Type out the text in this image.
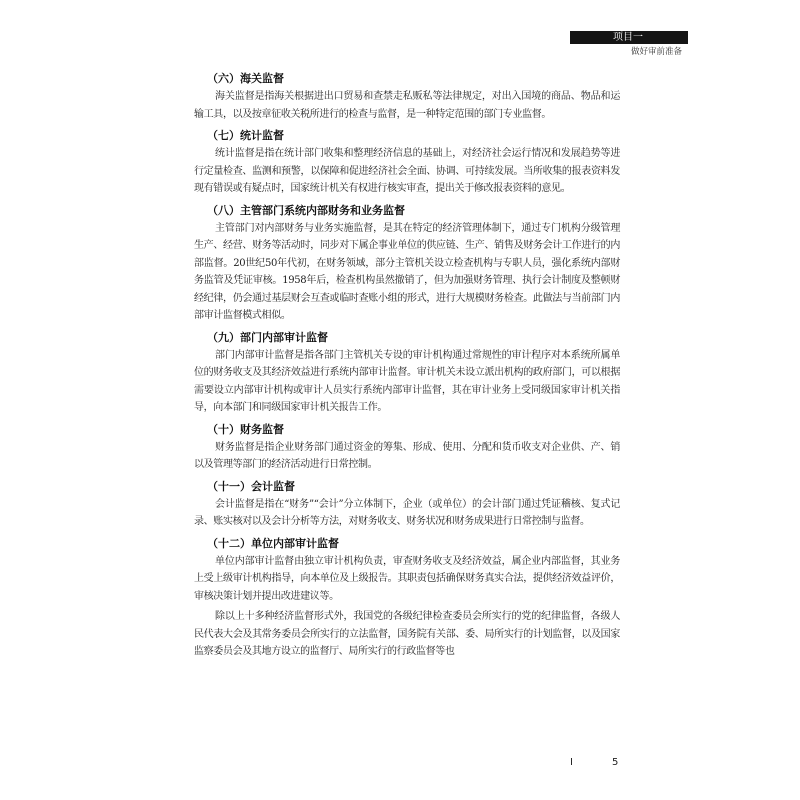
项目一
做好审前准备
（六）海关监督

海关监督是指海关根据进出口贸易和查禁走私贩私等法律规定，对出入国境的商品、物品和运输工具，以及按章征收关税所进行的检查与监督，是一种特定范围的部门专业监督。

（七）统计监督

统计监督是指在统计部门收集和整理经济信息的基础上，对经济社会运行情况和发展趋势等进行定量检查、监测和预警，以保障和促进经济社会全面、协调、可持续发展。当所收集的报表资料发现有错误或有疑点时，国家统计机关有权进行核实审查，提出关于修改报表资料的意见。

（八）主管部门系统内部财务和业务监督

主管部门对内部财务与业务实施监督，是其在特定的经济管理体制下，通过专门机构分级管理生产、经营、财务等活动时，同步对下属企事业单位的供应链、生产、销售及财务会计工作进行的内部监督。20世纪50年代初，在财务领域，部分主管机关设立检查机构与专职人员，强化系统内部财务监管及凭证审核。1958年后，检查机构虽然撤销了，但为加强财务管理、执行会计制度及整顿财经纪律，仍会通过基层财会互查或临时查账小组的形式，进行大规模财务检查。此做法与当前部门内部审计监督模式相似。

（九）部门内部审计监督

部门内部审计监督是指各部门主管机关专设的审计机构通过常规性的审计程序对本系统所属单位的财务收支及其经济效益进行系统内部审计监督。审计机关未设立派出机构的政府部门，可以根据需要设立内部审计机构或审计人员实行系统内部审计监督，其在审计业务上受同级国家审计机关指导，向本部门和同级国家审计机关报告工作。

（十）财务监督

财务监督是指企业财务部门通过资金的筹集、形成、使用、分配和货币收支对企业供、产、销以及管理等部门的经济活动进行日常控制。

（十一）会计监督

会计监督是指在“财务”“会计”分立体制下，企业（或单位）的会计部门通过凭证稽核、复式记录、账实核对以及会计分析等方法，对财务收支、财务状况和财务成果进行日常控制与监督。

（十二）单位内部审计监督

单位内部审计监督由独立审计机构负责，审查财务收支及经济效益，属企业内部监督，其业务上受上级审计机构指导，向本单位及上级报告。其职责包括确保财务真实合法，提供经济效益评价，审核决策计划并提出改进建议等。

除以上十多种经济监督形式外，我国党的各级纪律检查委员会所实行的党的纪律监督，各级人民代表大会及其常务委员会所实行的立法监督，国务院有关部、委、局所实行的计划监督，以及国家监察委员会及其地方设立的监督厅、局所实行的行政监督等也

I	5
